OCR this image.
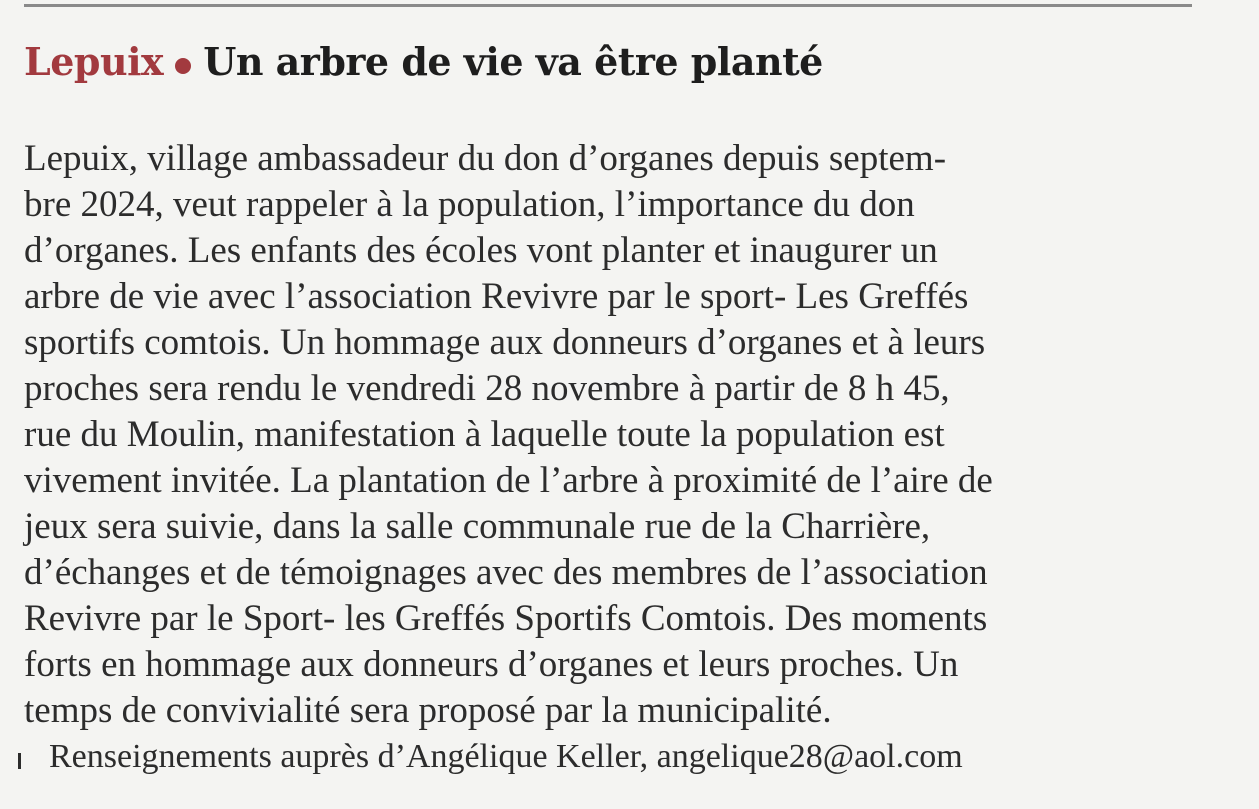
Lepuix Un arbre de vie va être planté
Lepuix, village ambassadeur du don d’organes depuis septem-
bre 2024, veut rappeler à la population, l’importance du don
d’organes. Les enfants des écoles vont planter et inaugurer un
arbre de vie avec l’association Revivre par le sport- Les Greffés
sportifs comtois. Un hommage aux donneurs d’organes et à leurs
proches sera rendu le vendredi 28 novembre à partir de 8 h 45,
rue du Moulin, manifestation à laquelle toute la population est
vivement invitée. La plantation de l’arbre à proximité de l’aire de
jeux sera suivie, dans la salle communale rue de la Charrière,
d’échanges et de témoignages avec des membres de l’association
Revivre par le Sport- les Greffés Sportifs Comtois. Des moments
forts en hommage aux donneurs d’organes et leurs proches. Un
temps de convivialité sera proposé par la municipalité.
Renseignements auprès d’Angélique Keller, angelique28@aol.com
